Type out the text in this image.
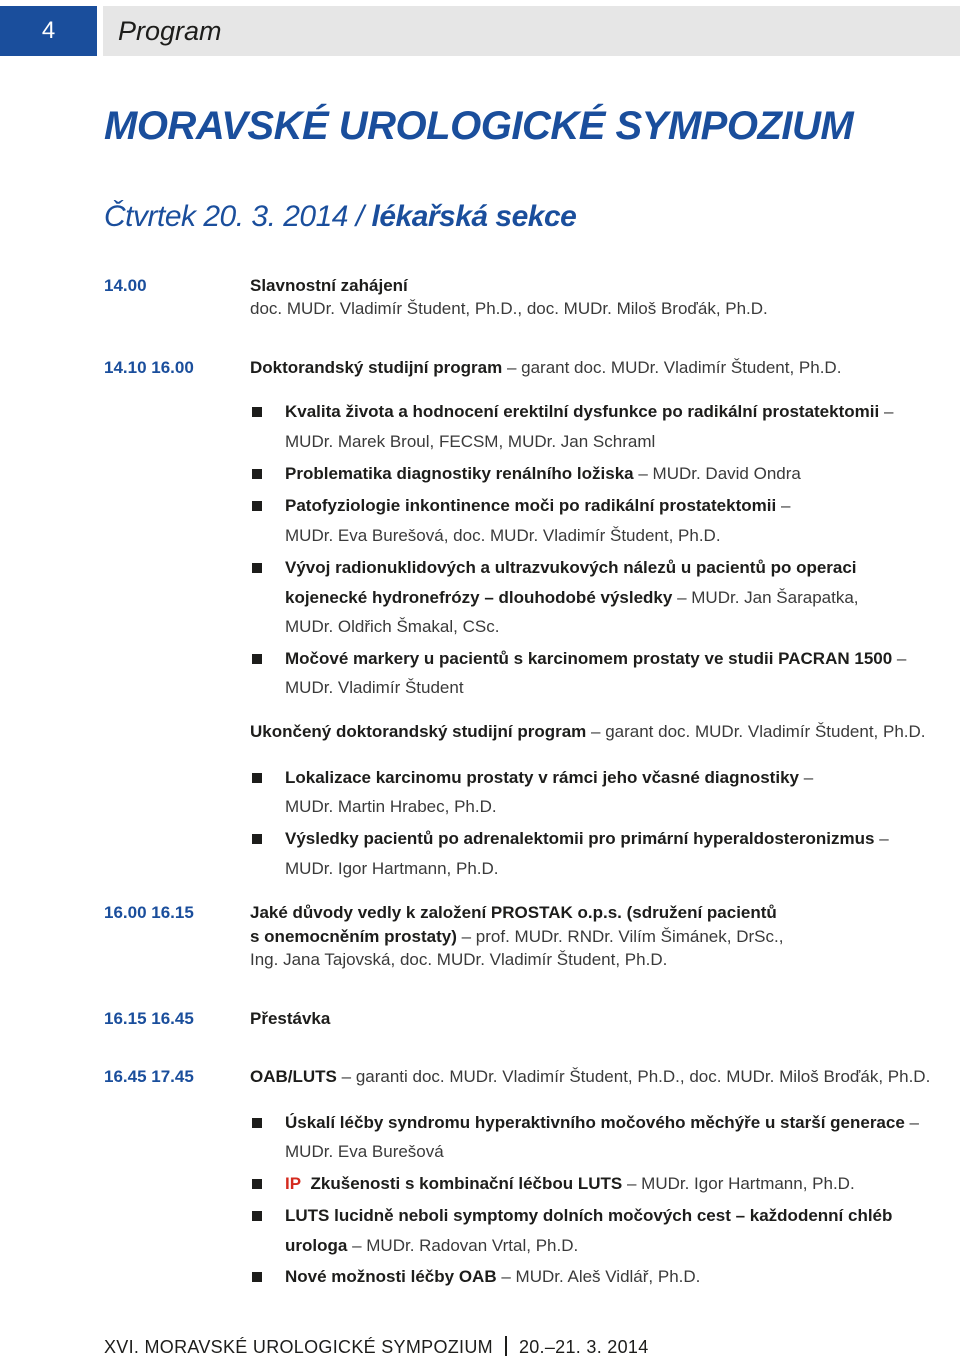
4	Program
MORAVSKÉ UROLOGICKÉ SYMPOZIUM
Čtvrtek 20. 3. 2014 / lékařská sekce
14.00	Slavnostní zahájení
doc. MUDr. Vladimír Študent, Ph.D., doc. MUDr. Miloš Broďák, Ph.D.
14.10 16.00	Doktorandský studijní program – garant doc. MUDr. Vladimír Študent, Ph.D.
Kvalita života a hodnocení erektilní dysfunkce po radikální prostatektomii –
MUDr. Marek Broul, FECSM, MUDr. Jan Schraml
Problematika diagnostiky renálního ložiska – MUDr. David Ondra
Patofyziologie inkontinence moči po radikální prostatektomii –
MUDr. Eva Burešová, doc. MUDr. Vladimír Študent, Ph.D.
Vývoj radionuklidových a ultrazvukových nálezů u pacientů po operaci
kojenecké hydronefrózy – dlouhodobé výsledky – MUDr. Jan Šarapatka,
MUDr. Oldřich Šmakal, CSc.
Močové markery u pacientů s karcinomem prostaty ve studii PACRAN 1500 –
MUDr. Vladimír Študent
Ukončený doktorandský studijní program – garant doc. MUDr. Vladimír Študent, Ph.D.
Lokalizace karcinomu prostaty v rámci jeho včasné diagnostiky –
MUDr. Martin Hrabec, Ph.D.
Výsledky pacientů po adrenalektomii pro primární hyperaldosteronizmus –
MUDr. Igor Hartmann, Ph.D.
16.00 16.15	Jaké důvody vedly k založení PROSTAK o.p.s. (sdružení pacientů
s onemocněním prostaty) – prof. MUDr. RNDr. Vilím Šimánek, DrSc.,
Ing. Jana Tajovská, doc. MUDr. Vladimír Študent, Ph.D.
16.15 16.45	Přestávka
16.45 17.45	OAB/LUTS – garanti doc. MUDr. Vladimír Študent, Ph.D., doc. MUDr. Miloš Broďák, Ph.D.
Úskalí léčby syndromu hyperaktivního močového měchýře u starší generace –
MUDr. Eva Burešová
IP Zkušenosti s kombinační léčbou LUTS – MUDr. Igor Hartmann, Ph.D.
LUTS lucidně neboli symptomy dolních močových cest – každodenní chléb
urologa – MUDr. Radovan Vrtal, Ph.D.
Nové možnosti léčby OAB – MUDr. Aleš Vidlář, Ph.D.
XVI. MORAVSKÉ UROLOGICKÉ SYMPOZIUM 20.–21. 3. 2014
